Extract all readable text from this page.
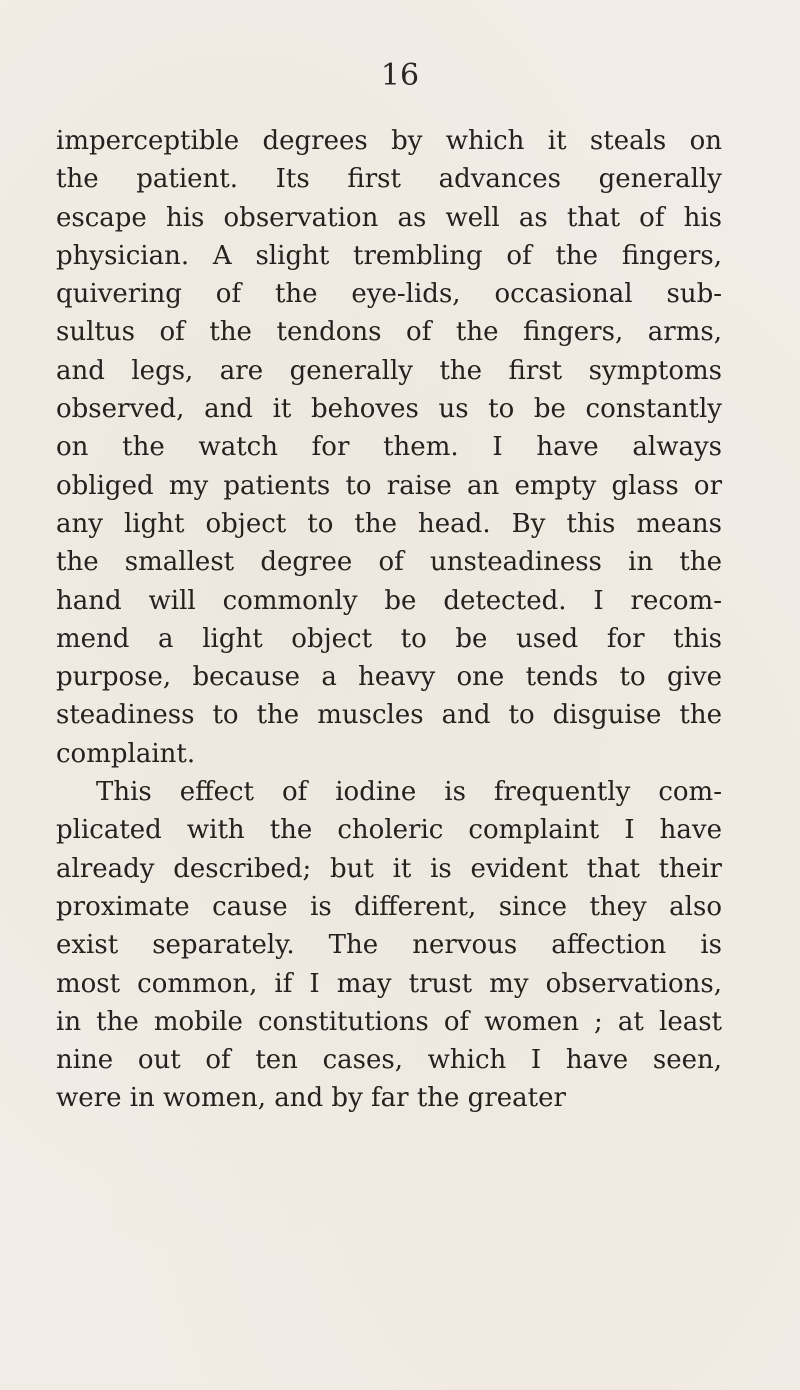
16
imperceptible degrees by which it steals on
the patient. Its first advances generally
escape his observation as well as that of his
physician. A slight trembling of the fingers,
quivering of the eye-lids, occasional sub-
sultus of the tendons of the fingers, arms,
and legs, are generally the first symptoms
observed, and it behoves us to be constantly
on the watch for them. I have always
obliged my patients to raise an empty glass or
any light object to the head. By this means
the smallest degree of unsteadiness in the
hand will commonly be detected. I recom-
mend a light object to be used for this
purpose, because a heavy one tends to give
steadiness to the muscles and to disguise the
complaint.
This effect of iodine is frequently com-
plicated with the choleric complaint I have
already described; but it is evident that their
proximate cause is different, since they also
exist separately. The nervous affection is
most common, if I may trust my observations,
in the mobile constitutions of women ; at least
nine out of ten cases, which I have seen,
were in women, and by far the greater
